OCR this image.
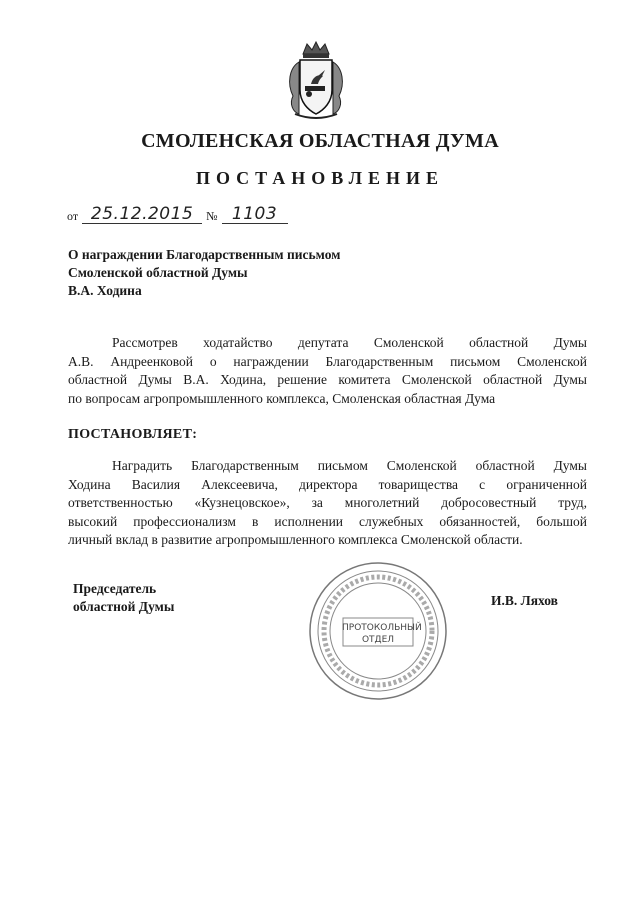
СМОЛЕНСКАЯ ОБЛАСТНАЯ ДУМА
ПОСТАНОВЛЕНИЕ
от 25.12.2015	№ 1103
О награждении Благодарственным письмом
Смоленской областной Думы
В.А. Ходина
Рассмотрев ходатайство депутата Смоленской областной Думы
А.В. Андреенковой о награждении Благодарственным письмом Смоленской
областной Думы В.А. Ходина, решение комитета Смоленской областной Думы
по вопросам агропромышленного комплекса, Смоленская областная Дума
ПОСТАНОВЛЯЕТ:
Наградить Благодарственным письмом Смоленской областной Думы
Ходина Василия Алексеевича, директора товарищества с ограниченной
ответственностью «Кузнецовское», за многолетний добросовестный труд,
высокий профессионализм в исполнении служебных обязанностей, большой
личный вклад в развитие агропромышленного комплекса Смоленской области.
Председатель
областной Думы
ПРОТОКОЛЬНЫЙ
ОТДЕЛ
И.В. Ляхов
